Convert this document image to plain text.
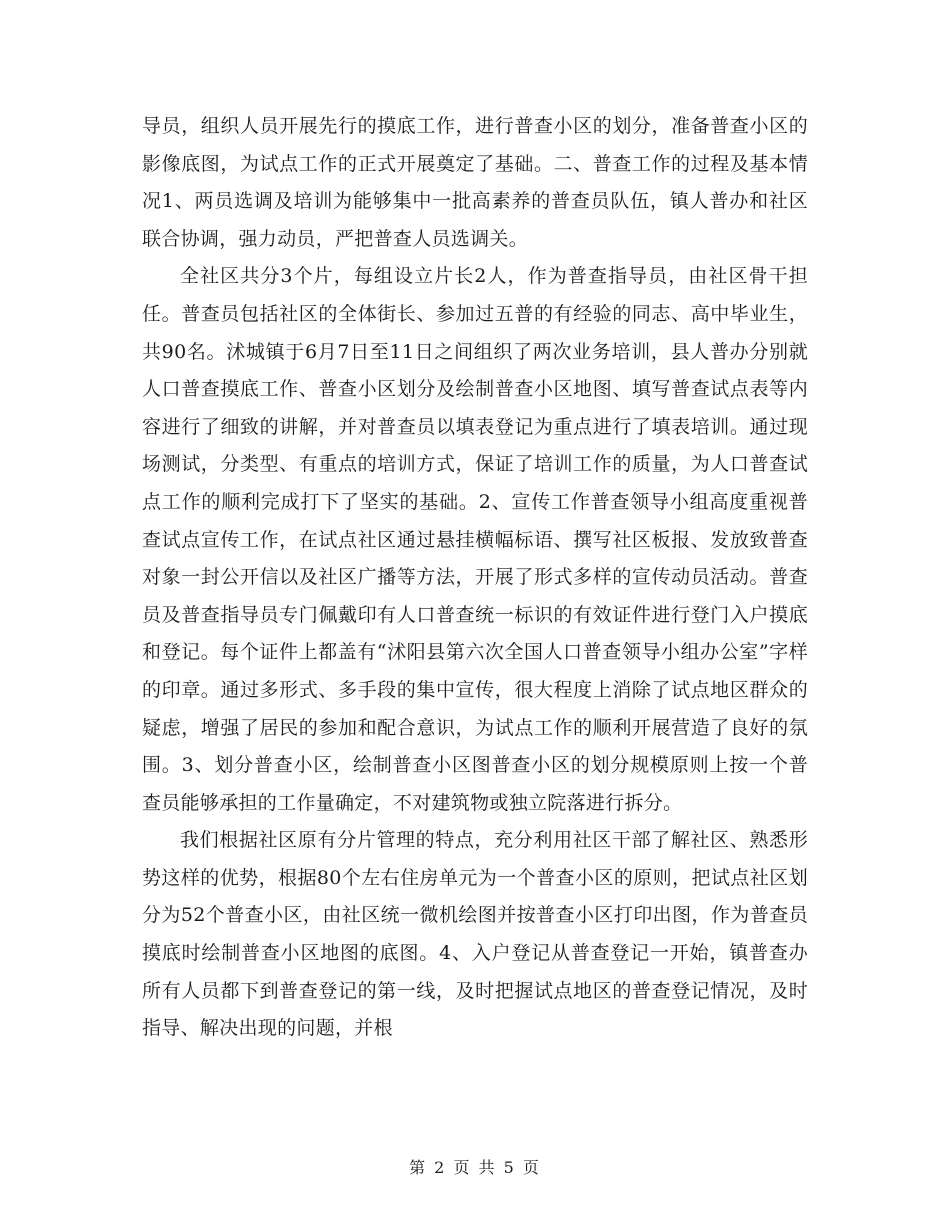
导员，组织人员开展先行的摸底工作，进行普查小区的划分，准备普查小区的影像底图，为试点工作的正式开展奠定了基础。二、普查工作的过程及基本情况1、两员选调及培训为能够集中一批高素养的普查员队伍，镇人普办和社区联合协调，强力动员，严把普查人员选调关。

全社区共分3个片，每组设立片长2人，作为普查指导员，由社区骨干担任。普查员包括社区的全体街长、参加过五普的有经验的同志、高中毕业生，共90名。沭城镇于6月7日至11日之间组织了两次业务培训，县人普办分别就人口普查摸底工作、普查小区划分及绘制普查小区地图、填写普查试点表等内容进行了细致的讲解，并对普查员以填表登记为重点进行了填表培训。通过现场测试，分类型、有重点的培训方式，保证了培训工作的质量，为人口普查试点工作的顺利完成打下了坚实的基础。2、宣传工作普查领导小组高度重视普查试点宣传工作，在试点社区通过悬挂横幅标语、撰写社区板报、发放致普查对象一封公开信以及社区广播等方法，开展了形式多样的宣传动员活动。普查员及普查指导员专门佩戴印有人口普查统一标识的有效证件进行登门入户摸底和登记。每个证件上都盖有“沭阳县第六次全国人口普查领导小组办公室”字样的印章。通过多形式、多手段的集中宣传，很大程度上消除了试点地区群众的疑虑，增强了居民的参加和配合意识，为试点工作的顺利开展营造了良好的氛围。3、划分普查小区，绘制普查小区图普查小区的划分规模原则上按一个普查员能够承担的工作量确定，不对建筑物或独立院落进行拆分。

我们根据社区原有分片管理的特点，充分利用社区干部了解社区、熟悉形势这样的优势，根据80个左右住房单元为一个普查小区的原则，把试点社区划分为52个普查小区，由社区统一微机绘图并按普查小区打印出图，作为普查员摸底时绘制普查小区地图的底图。4、入户登记从普查登记一开始，镇普查办所有人员都下到普查登记的第一线，及时把握试点地区的普查登记情况，及时指导、解决出现的问题，并根

第 2 页 共 5 页
